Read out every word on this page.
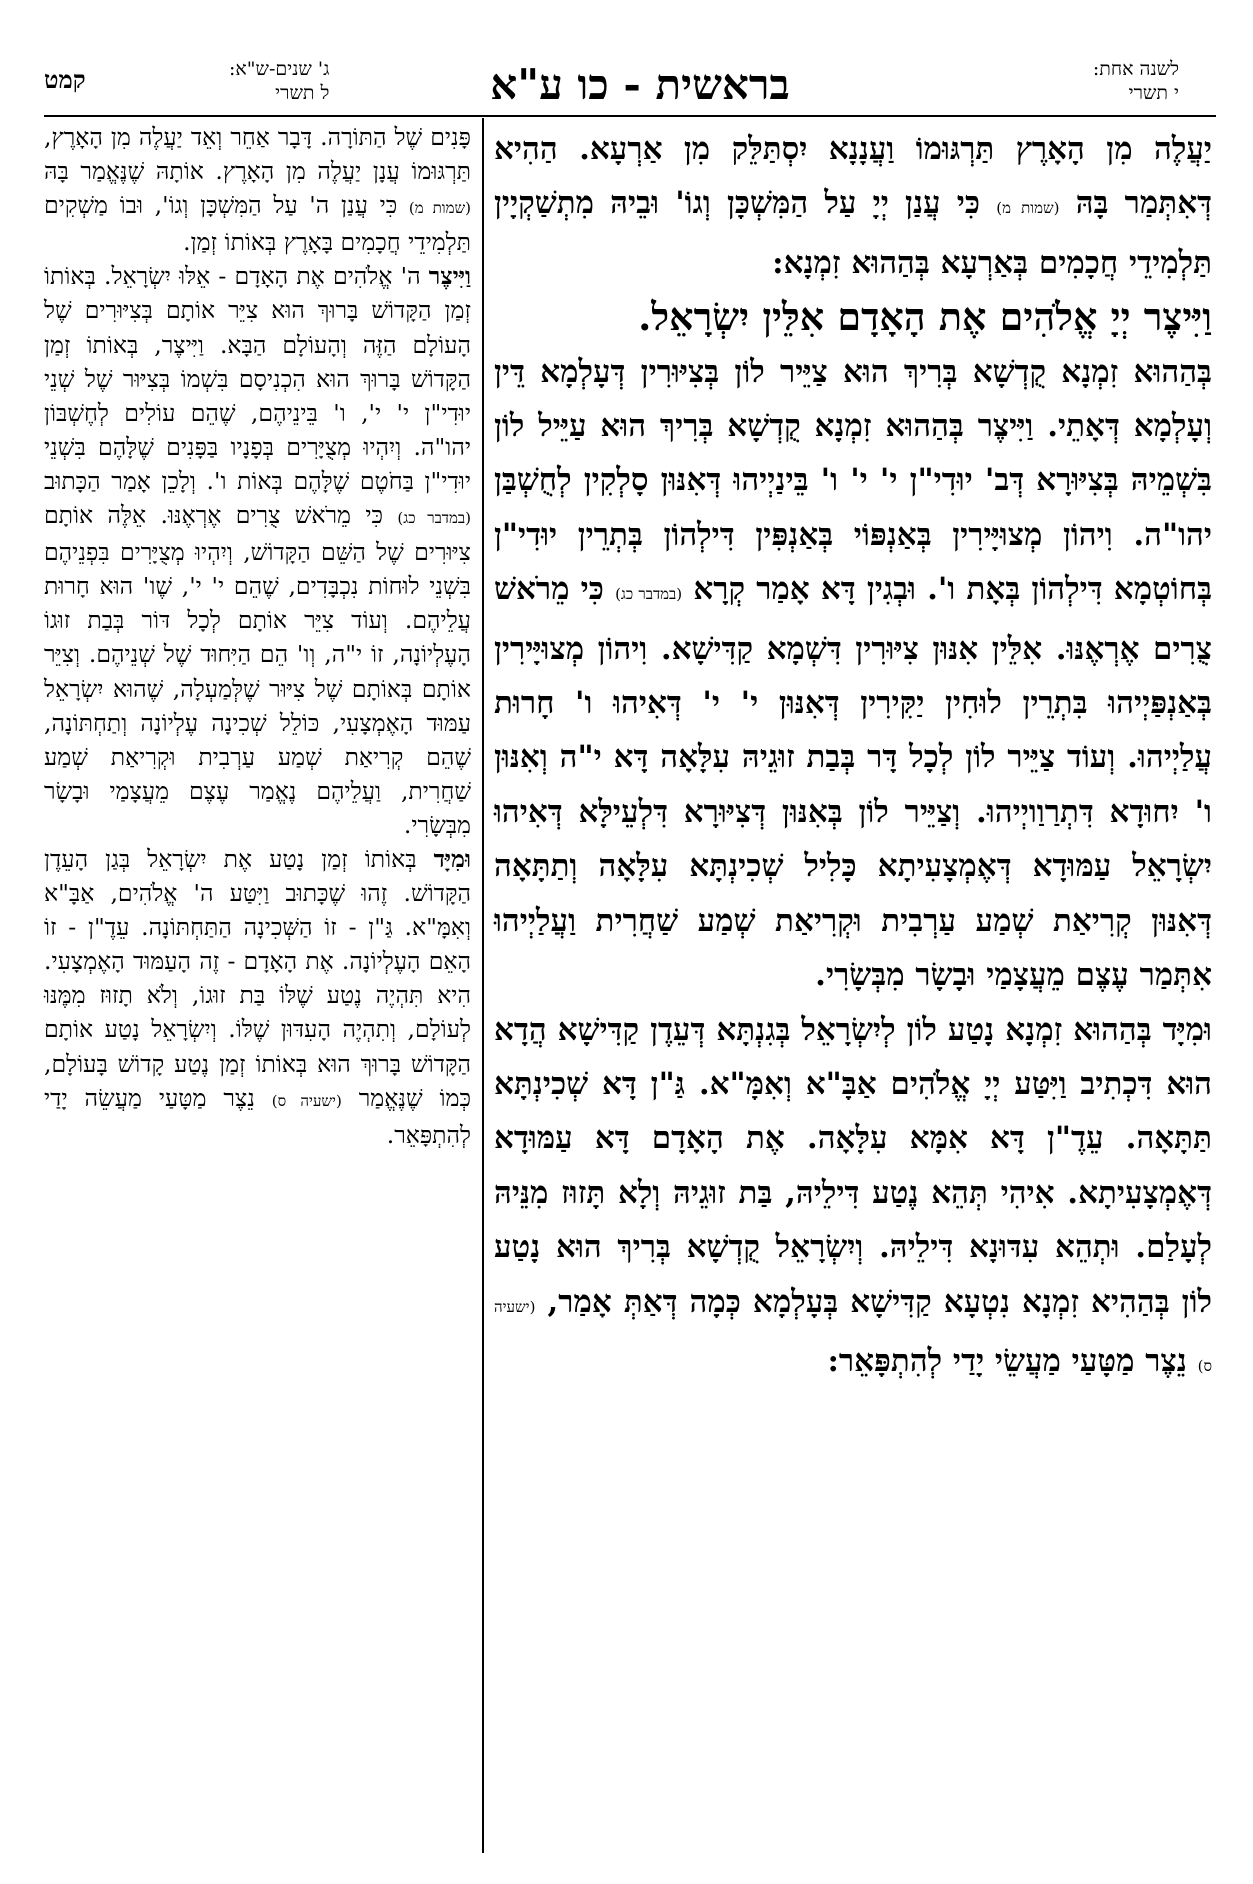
לשנה אחת:
י תשרי
בראשית - כו ע"א
ג' שנים-ש"א:
ל תשרי
קמט

יַעֲלֶה מִן הָאָרֶץ תַּרְגּוּמוֹ וַעֲנָנָא יִסְתַּלֵּק מִן אַרְעָא. הַהִיא דְּאִתְּמַר בָּהּ (שמות מ) כִּי עֲנַן יְיָ עַל הַמִּשְׁכָּן וְגוֹ' וּבֵיהּ מִתְשַׁקְיָין תַּלְמִידֵי חֲכָמִים בְּאַרְעָא בְּהַהוּא זִמְנָא:

וַיִּיצֶר יְיָ אֱלֹהִים אֶת הָאָדָם אִלֵּין יִשְׂרָאֵל.

בְּהַהוּא זִמְנָא קֻדְשָׁא בְּרִיךְ הוּא צַיֵּיר לוֹן בְּצִיּוּרִין דְּעָלְמָא דֵּין וְעָלְמָא דְּאָתֵי. וַיִּיצֶר בְּהַהוּא זִמְנָא קֻדְשָׁא בְּרִיךְ הוּא עַיֵּיל לוֹן בִּשְׁמֵיהּ בְּצִיּוּרָא דְּב' יוּדִי"ן י' י' ו' בֵּינַיְיהוּ דְּאִנּוּן סָלְקִין לְחֻשְׁבַּן יהו"ה. וִיהוֹן מְצוּיָּירִין בְּאַנְפּוֹי בְּאַנְפִּין דִּילְהוֹן בְּתְרֵין יוּדִי"ן בְּחוֹטְמָא דִּילְהוֹן בְּאָת ו'. וּבְגִין דָּא אָמַר קְרָא (במדבר כג) כִּי מֵרֹאשׁ צֻרִים אֶרְאֶנּוּ. אִלֵּין אִנּוּן צִיּוּרִין דִּשְׁמָא קַדִּישָׁא. וִיהוֹן מְצוּיָּירִין בְּאַנְפַּיְיהוּ בִּתְרֵין לוּחִין יַקִּירִין דְּאִנּוּן י' י' דְּאִיהוּ ו' חָרוּת עֲלַיְיהוּ. וְעוֹד צַיֵּיר לוֹן לְכָל דָּר בְּבַת זוּגֵיהּ עִלָּאָה דָּא י"ה וְאִנּוּן ו' יִחוּדָא דִּתְרַוַויְיהוּ. וְצַיֵּיר לוֹן בְּאִנּוּן דְּצִיּוּרָא דִּלְעֵילָּא דְּאִיהוּ יִשְׂרָאֵל עַמּוּדָא דְּאֶמְצָעִיתָא כָּלִיל שְׁכִינְתָּא עִלָּאָה וְתַתָּאָה דְּאִנּוּן קְרִיאַת שְׁמַע עַרְבִית וּקְרִיאַת שְׁמַע שַׁחֲרִית וַעֲלַיְיהוּ אִתְּמַר עֶצֶם מֵעֲצָמַי וּבָשָׂר מִבְּשָׂרִי.

וּמִיָּד בְּהַהוּא זִמְנָא נָטַע לוֹן לְיִשְׂרָאֵל בְּגִנְתָּא דְּעֵדֶן קַדִּישָׁא הֲדָא הוּא דִּכְתִיב וַיִּטַּע יְיָ אֱלֹהִים אַבָּ"א וְאִמָּ"א. גַּ"ן דָּא שְׁכִינְתָּא תַּתָּאָה. עֵדֶ"ן דָּא אִמָּא עִלָּאָה. אֶת הָאָדָם דָּא עַמּוּדָא דְּאֶמְצָעִיתָא. אִיהִי תְּהֵא נֶטַע דִּילֵיהּ, בַּת זוּגֵיהּ וְלָא תָּזוּז מִנֵּיהּ לְעָלַם. וּתְהֵא עִדּוּנָא דִּילֵיהּ. וְיִשְׂרָאֵל קֻדְשָׁא בְּרִיךְ הוּא נָטַע לוֹן בְּהַהִיא זִמְנָא נִטְעָא קַדִּישָׁא בְּעָלְמָא כְּמָה דְּאַתְּ אָמַר, (ישעיה ס) נֵצֶר מַטָּעַי מַעֲשֵׂי יָדַי לְהִתְפָּאֵר:

פָּנִים שֶׁל הַתּוֹרָה. דָּבָר אַחֵר וְאֵד יַעֲלֶה מִן הָאָרֶץ, תַּרְגּוּמוֹ עֲנָן יַעֲלֶה מִן הָאָרֶץ. אוֹתָהּ שֶׁנֶּאֱמַר בָּהּ (שמות מ) כִּי עֲנַן ה' עַל הַמִּשְׁכָּן וְגוֹ', וּבוֹ מַשְׁקִים תַּלְמִידֵי חֲכָמִים בָּאָרֶץ בְּאוֹתוֹ זְמַן.

וַיִּיצֶר ה' אֱלֹהִים אֶת הָאָדָם - אֵלּוּ יִשְׂרָאֵל. בְּאוֹתוֹ זְמַן הַקָּדוֹשׁ בָּרוּךְ הוּא צִיֵּר אוֹתָם בְּצִיּוּרִים שֶׁל הָעוֹלָם הַזֶּה וְהָעוֹלָם הַבָּא. וַיִּיצֶר, בְּאוֹתוֹ זְמַן הַקָּדוֹשׁ בָּרוּךְ הוּא הִכְנִיסָם בִּשְׁמוֹ בְּצִיּוּר שֶׁל שְׁנֵי יוּדִי"ן י' י', ו' בֵּינֵיהֶם, שֶׁהֵם עוֹלִים לְחֶשְׁבּוֹן יהו"ה. וְיִהְיוּ מְצֻיָּרִים בְּפָנָיו בַּפָּנִים שֶׁלָּהֶם בִּשְׁנֵי יוּדִי"ן בַּחֹטֶם שֶׁלָּהֶם בְּאוֹת ו'. וְלָכֵן אָמַר הַכָּתוּב (במדבר כג) כִּי מֵרֹאשׁ צֻרִים אֶרְאֶנּוּ. אֵלֶּה אוֹתָם צִיּוּרִים שֶׁל הַשֵּׁם הַקָּדוֹשׁ, וְיִהְיוּ מְצֻיָּרִים בִּפְנֵיהֶם בִּשְׁנֵי לוּחוֹת נִכְבָּדִים, שֶׁהֵם י' י', שֶׁו' הוּא חָרוּת עֲלֵיהֶם. וְעוֹד צִיֵּר אוֹתָם לְכָל דּוֹר בְּבַת זוּגוֹ הָעֶלְיוֹנָה, זוֹ י"ה, וְו' הֵם הַיִּחוּד שֶׁל שְׁנֵיהֶם. וְצִיֵּר אוֹתָם בְּאוֹתָם שֶׁל צִיּוּר שֶׁלְּמַעְלָה, שֶׁהוּא יִשְׂרָאֵל עַמּוּד הָאֶמְצָעִי, כּוֹלֵל שְׁכִינָה עֶלְיוֹנָה וְתַחְתּוֹנָה, שֶׁהֵם קְרִיאַת שְׁמַע עַרְבִית וּקְרִיאַת שְׁמַע שַׁחֲרִית, וַעֲלֵיהֶם נֶאֱמַר עֶצֶם מֵעֲצָמַי וּבָשָׂר מִבְּשָׂרִי.

וּמִיָּד בְּאוֹתוֹ זְמַן נָטַע אֶת יִשְׂרָאֵל בְּגַן הָעֵדֶן הַקָּדוֹשׁ. זֶהוּ שֶׁכָּתוּב וַיִּטַּע ה' אֱלֹהִים, אַבָּ"א וְאִמָּ"א. גַּ"ן - זוֹ הַשְּׁכִינָה הַתַּחְתּוֹנָה. עֵדֶ"ן - זוֹ הָאֵם הָעֶלְיוֹנָה. אֶת הָאָדָם - זֶה הָעַמּוּד הָאֶמְצָעִי. הִיא תִּהְיֶה נֶטַע שֶׁלּוֹ בַּת זוּגוֹ, וְלֹא תָזוּז מִמֶּנּוּ לְעוֹלָם, וְתִהְיֶה הָעִדּוּן שֶׁלּוֹ. וְיִשְׂרָאֵל נָטַע אוֹתָם הַקָּדוֹשׁ בָּרוּךְ הוּא בְּאוֹתוֹ זְמַן נֶטַע קָדוֹשׁ בָּעוֹלָם, כְּמוֹ שֶׁנֶּאֱמַר (ישעיה ס) נֵצֶר מַטָּעַי מַעֲשֵׂה יָדַי לְהִתְפָּאֵר.
